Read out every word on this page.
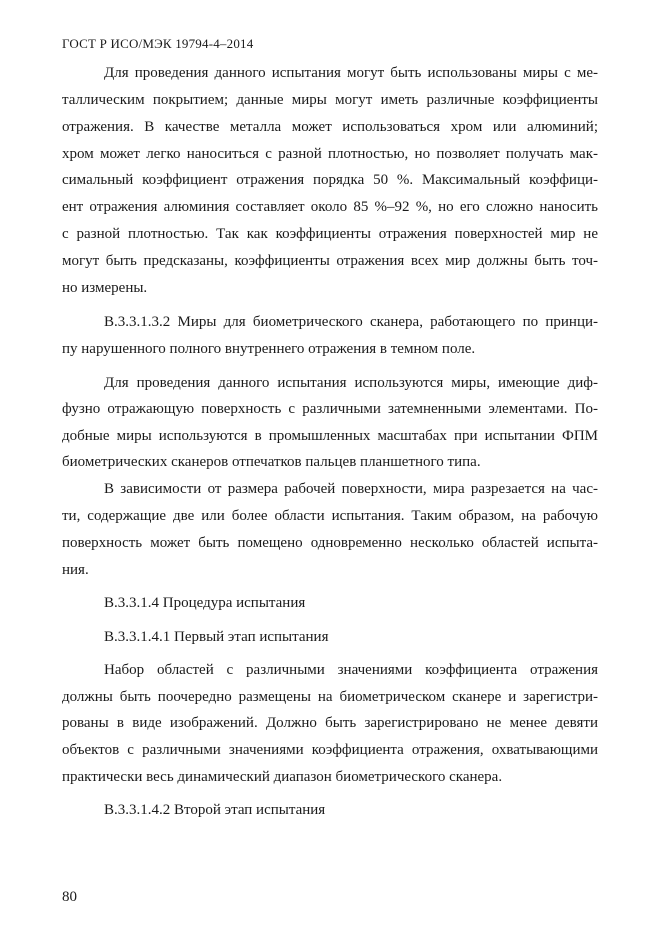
ГОСТ Р ИСО/МЭК 19794-4–2014
Для проведения данного испытания могут быть использованы миры с ме-
таллическим покрытием; данные миры могут иметь различные коэффициенты
отражения. В качестве металла может использоваться хром или алюминий;
хром может легко наноситься с разной плотностью, но позволяет получать мак-
симальный коэффициент отражения порядка 50 %. Максимальный коэффици-
ент отражения алюминия составляет около 85 %–92 %, но его сложно наносить
с разной плотностью. Так как коэффициенты отражения поверхностей мир не
могут быть предсказаны, коэффициенты отражения всех мир должны быть точ-
но измерены.
В.3.3.1.3.2 Миры для биометрического сканера, работающего по принци-
пу нарушенного полного внутреннего отражения в темном поле.
Для проведения данного испытания используются миры, имеющие диф-
фузно отражающую поверхность с различными затемненными элементами. По-
добные миры используются в промышленных масштабах при испытании ФПМ
биометрических сканеров отпечатков пальцев планшетного типа.
В зависимости от размера рабочей поверхности, мира разрезается на час-
ти, содержащие две или более области испытания. Таким образом, на рабочую
поверхность может быть помещено одновременно несколько областей испыта-
ния.
В.3.3.1.4 Процедура испытания
В.3.3.1.4.1 Первый этап испытания
Набор областей с различными значениями коэффициента отражения
должны быть поочередно размещены на биометрическом сканере и зарегистри-
рованы в виде изображений. Должно быть зарегистрировано не менее девяти
объектов с различными значениями коэффициента отражения, охватывающими
практически весь динамический диапазон биометрического сканера.
В.3.3.1.4.2 Второй этап испытания
80
